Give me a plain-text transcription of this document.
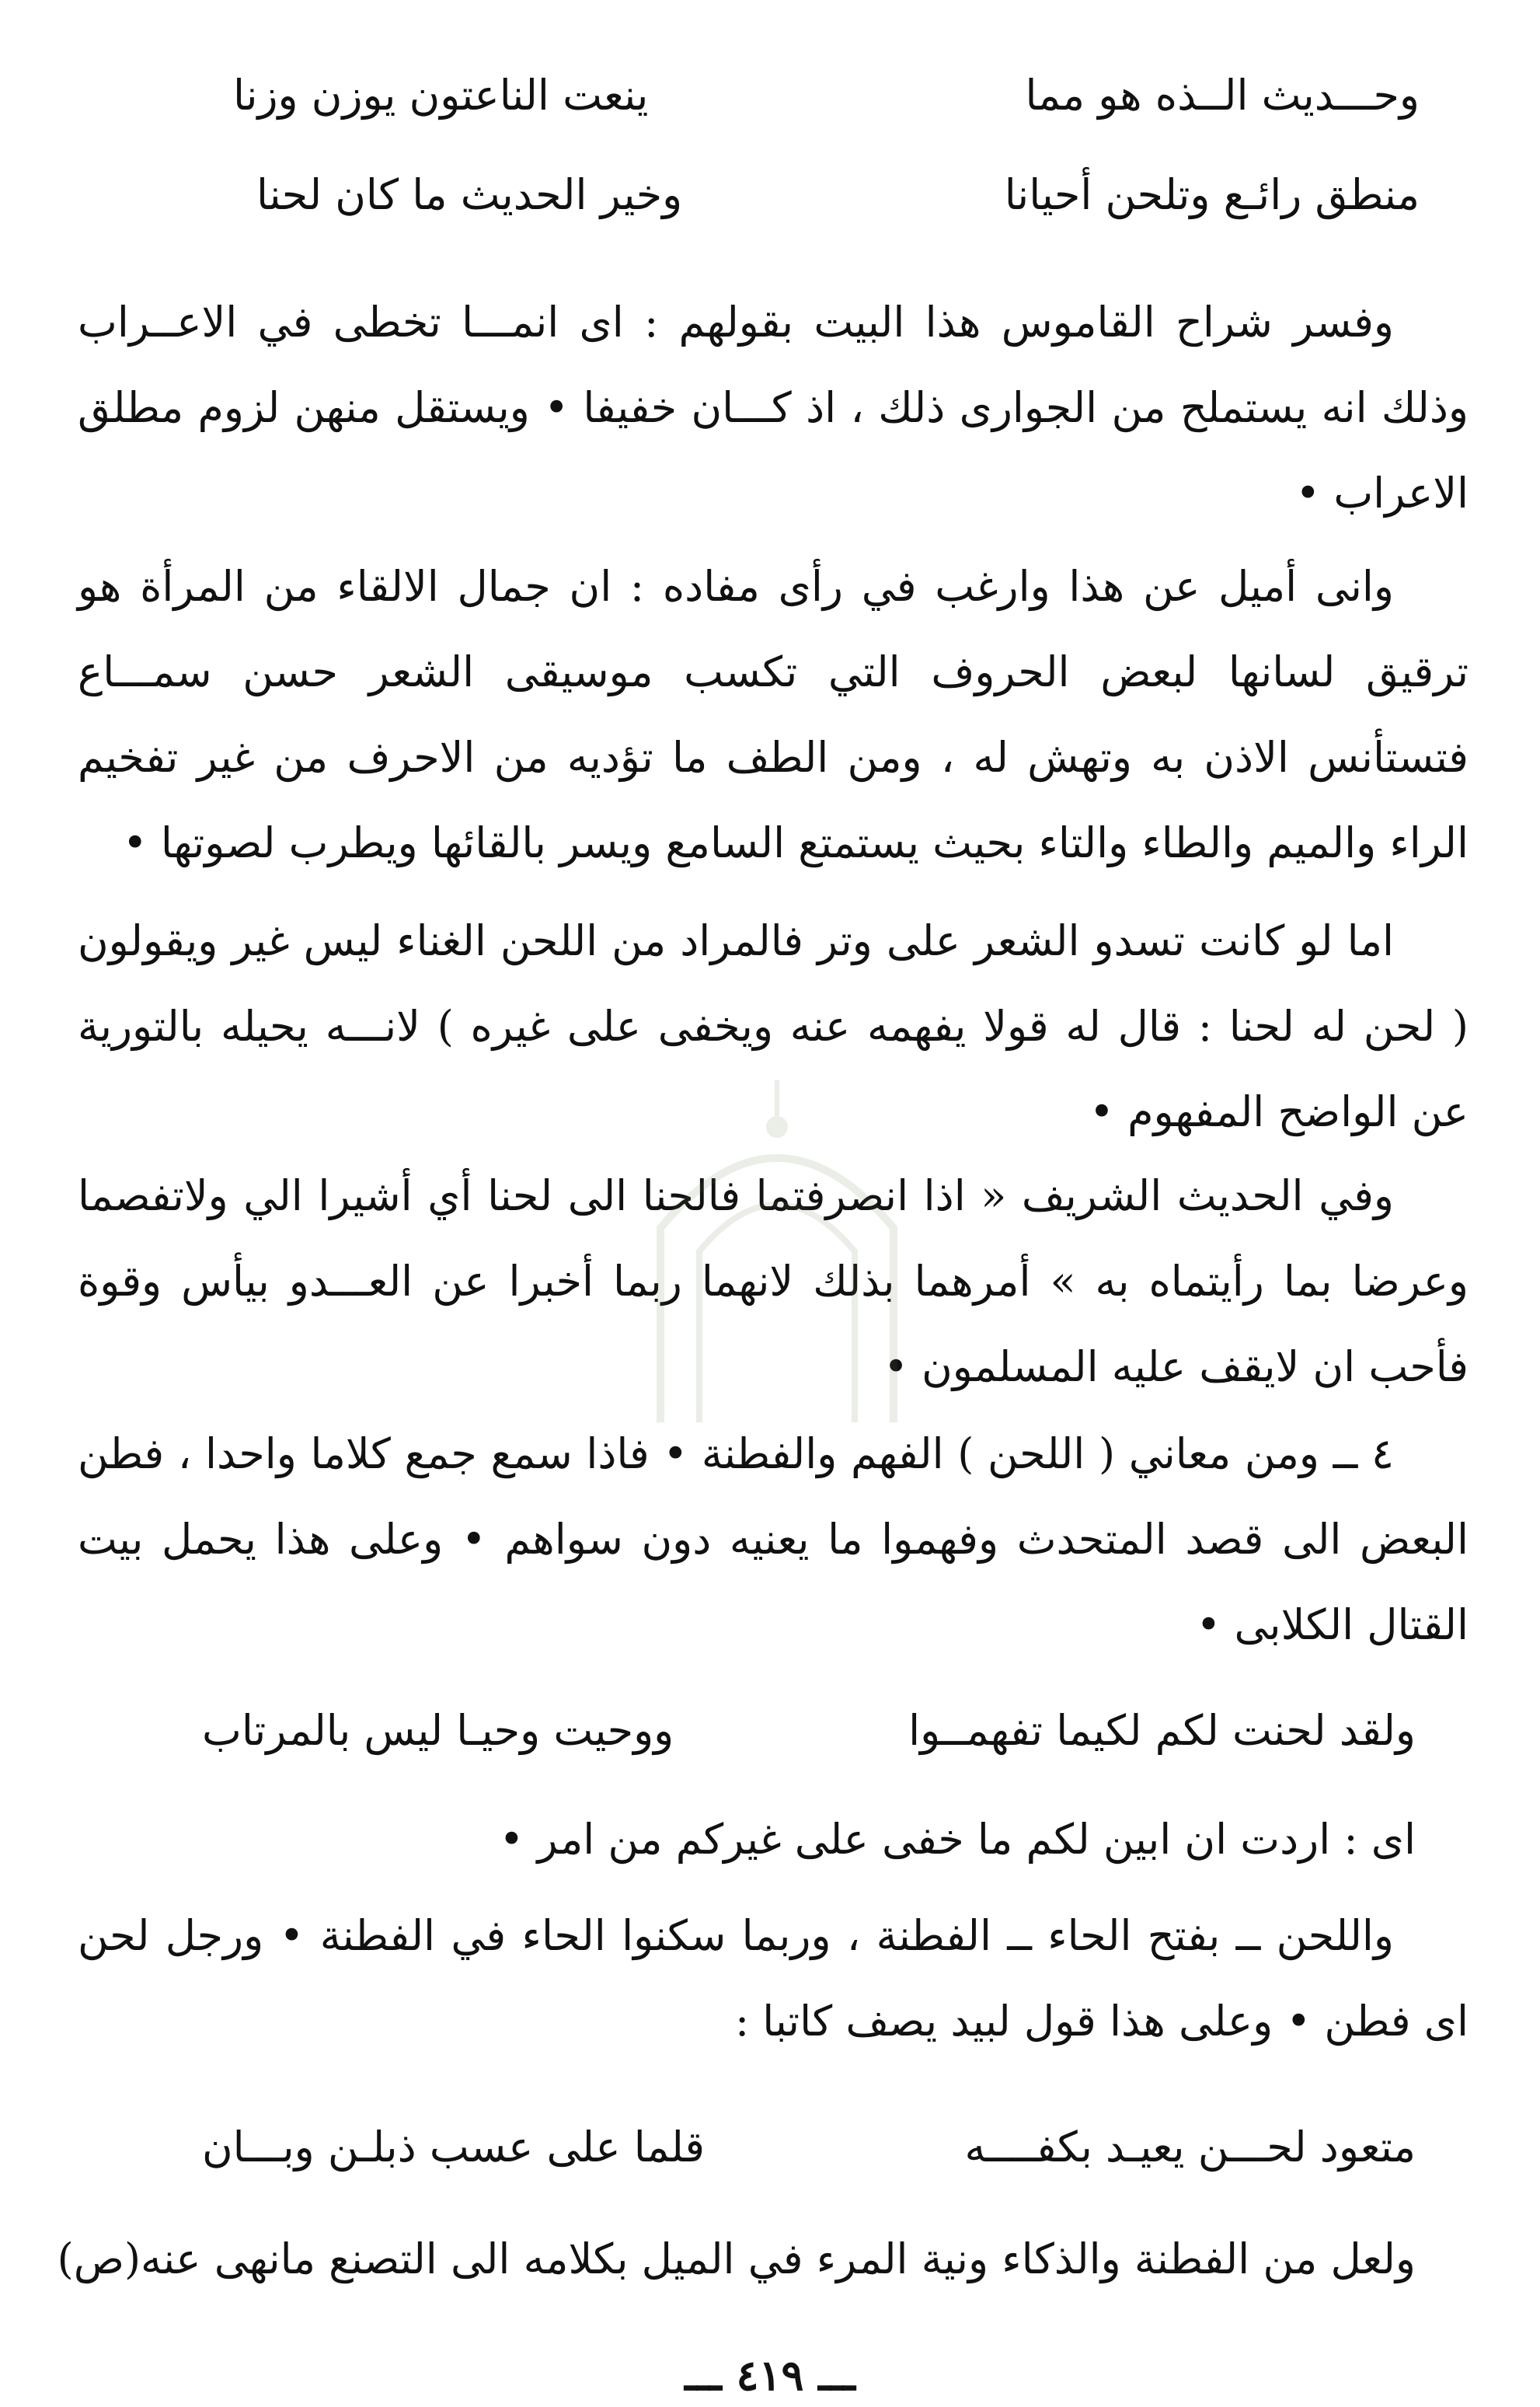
وحـــديث الــذه هو مما
ينعت الناعتون يوزن وزنا
منطق رائـع وتلحن أحيانا
وخير الحديث ما كان لحنا
وفسر شراح القاموس هذا البيت بقولهم : اى انمـــا تخطى في الاعــراب وذلك انه يستملح من الجوارى ذلك ، اذ كـــان خفيفا • ويستقل منهن لزوم مطلق الاعراب •
وانى أميل عن هذا وارغب في رأى مفاده : ان جمال الالقاء من المرأة هو ترقيق لسانها لبعض الحروف التي تكسب موسيقى الشعر حسن سمـــاع فتستأنس الاذن به وتهش له ، ومن الطف ما تؤديه من الاحرف من غير تفخيم الراء والميم والطاء والتاء بحيث يستمتع السامع ويسر بالقائها ويطرب لصوتها •
اما لو كانت تسدو الشعر على وتر فالمراد من اللحن الغناء ليس غير ويقولون ( لحن له لحنا : قال له قولا يفهمه عنه ويخفى على غيره ) لانـــه يحيله بالتورية عن الواضح المفهوم •
وفي الحديث الشريف « اذا انصرفتما فالحنا الى لحنا أي أشيرا الي ولاتفصما وعرضا بما رأيتماه به » أمرهما بذلك لانهما ربما أخبرا عن العـــدو بيأس وقوة فأحب ان لايقف عليه المسلمون •
٤ ــ ومن معاني ( اللحن ) الفهم والفطنة • فاذا سمع جمع كلاما واحدا ، فطن البعض الى قصد المتحدث وفهموا ما يعنيه دون سواهم • وعلى هذا يحمل بيت القتال الكلابى •
ولقد لحنت لكم لكيما تفهمــوا
ووحيت وحيـا ليس بالمرتاب
اى : اردت ان ابين لكم ما خفى على غيركم من امر •
واللحن ــ بفتح الحاء ــ الفطنة ، وربما سكنوا الحاء في الفطنة • ورجل لحن اى فطن • وعلى هذا قول لبيد يصف كاتبا :
متعود لحـــن يعيـد بكفــــه
قلما على عسب ذبلـن وبـــان
ولعل من الفطنة والذكاء ونية المرء في الميل بكلامه الى التصنع مانهى عنه(ص)
ـــ ٤١٩ ـــ
